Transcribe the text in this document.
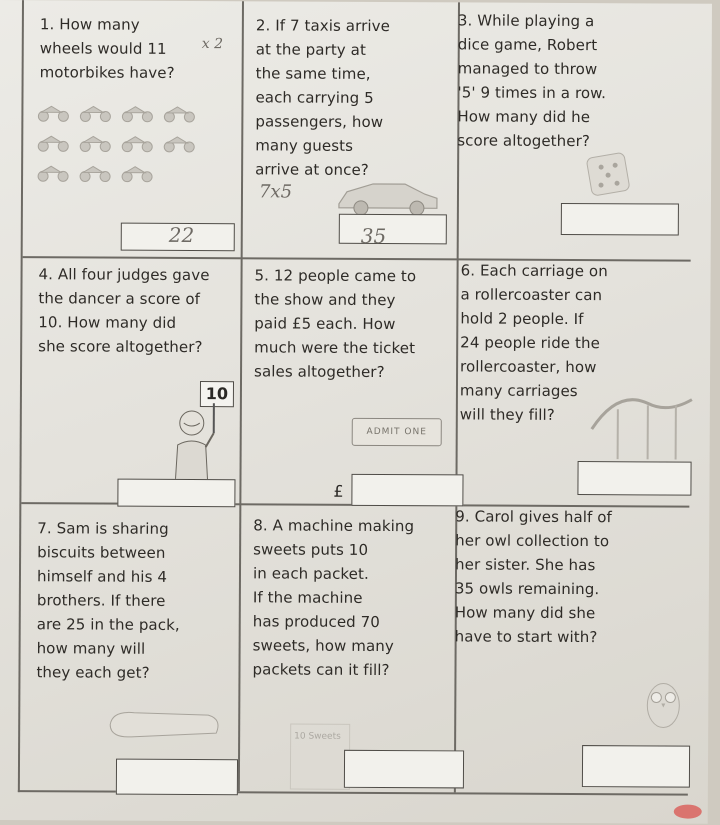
1. How many
wheels would 11
motorbikes have?
x 2
22
2. If 7 taxis arrive
at the party at
the same time,
each carrying 5
passengers, how
many guests
arrive at once?
7x5
35
3. While playing a
dice game, Robert
managed to throw
'5' 9 times in a row.
How many did he
score altogether?
4. All four judges gave
the dancer a score of
10. How many did
she score altogether?
10
5. 12 people came to
the show and they
paid £5 each. How
much were the ticket
sales altogether?
ADMIT ONE
£
6. Each carriage on
a rollercoaster can
hold 2 people. If
24 people ride the
rollercoaster, how
many carriages
will they fill?
7. Sam is sharing
biscuits between
himself and his 4
brothers. If there
are 25 in the pack,
how many will
they each get?
8. A machine making
sweets puts 10
in each packet.
If the machine
has produced 70
sweets, how many
packets can it fill?
9. Carol gives half of
her owl collection to
her sister. She has
35 owls remaining.
How many did she
have to start with?
